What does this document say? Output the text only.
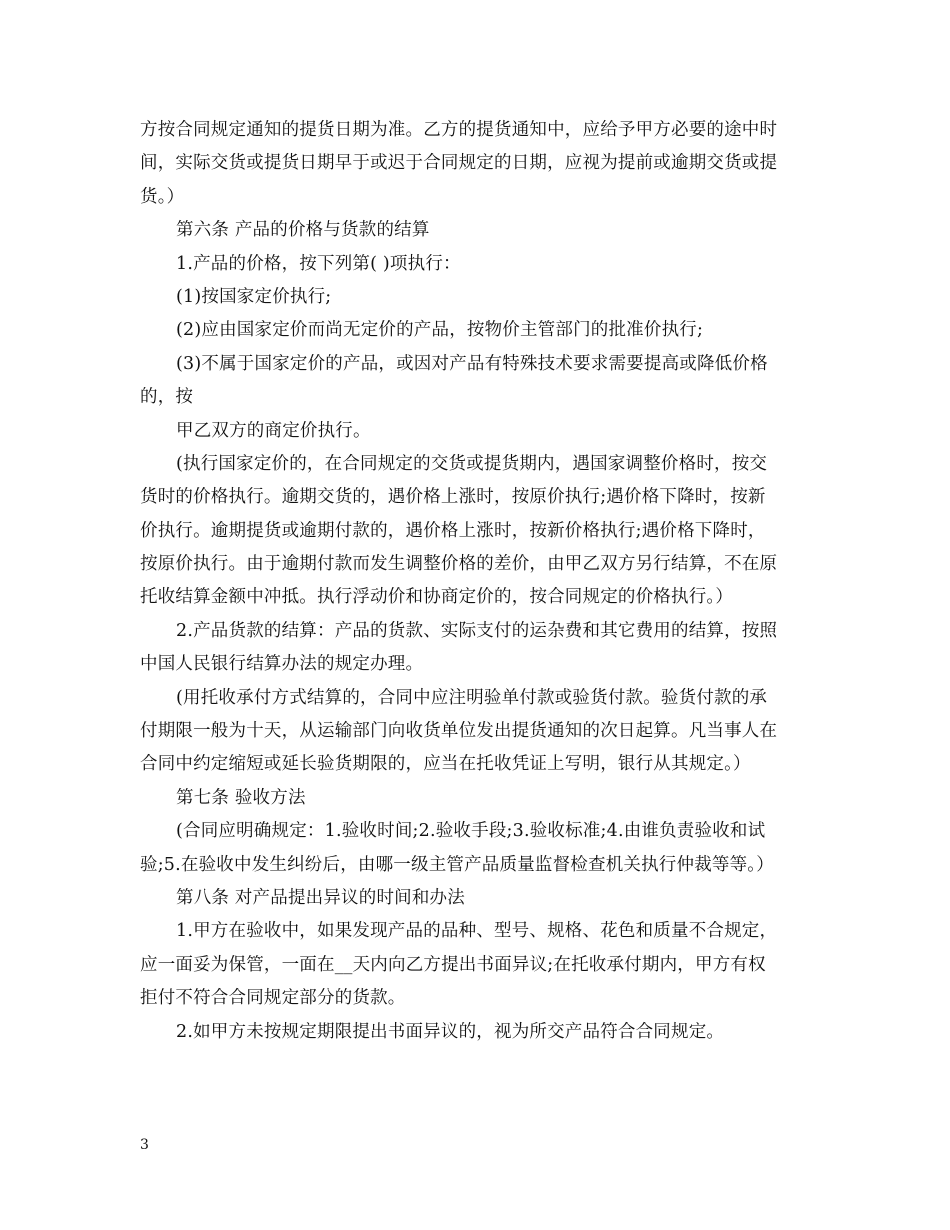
方按合同规定通知的提货日期为准。乙方的提货通知中，应给予甲方必要的途中时
间，实际交货或提货日期早于或迟于合同规定的日期，应视为提前或逾期交货或提
货。）
第六条 产品的价格与货款的结算
1.产品的价格，按下列第( )项执行：
(1)按国家定价执行;
(2)应由国家定价而尚无定价的产品，按物价主管部门的批准价执行;
(3)不属于国家定价的产品，或因对产品有特殊技术要求需要提高或降低价格
的，按
甲乙双方的商定价执行。
(执行国家定价的，在合同规定的交货或提货期内，遇国家调整价格时，按交
货时的价格执行。逾期交货的，遇价格上涨时，按原价执行;遇价格下降时，按新
价执行。逾期提货或逾期付款的，遇价格上涨时，按新价格执行;遇价格下降时，
按原价执行。由于逾期付款而发生调整价格的差价，由甲乙双方另行结算，不在原
托收结算金额中冲抵。执行浮动价和协商定价的，按合同规定的价格执行。）
2.产品货款的结算：产品的货款、实际支付的运杂费和其它费用的结算，按照
中国人民银行结算办法的规定办理。
(用托收承付方式结算的，合同中应注明验单付款或验货付款。验货付款的承
付期限一般为十天，从运输部门向收货单位发出提货通知的次日起算。凡当事人在
合同中约定缩短或延长验货期限的，应当在托收凭证上写明，银行从其规定。）
第七条 验收方法
(合同应明确规定：1.验收时间;2.验收手段;3.验收标准;4.由谁负责验收和试
验;5.在验收中发生纠纷后，由哪一级主管产品质量监督检查机关执行仲裁等等。）
第八条 对产品提出异议的时间和办法
1.甲方在验收中，如果发现产品的品种、型号、规格、花色和质量不合规定，
应一面妥为保管，一面在__天内向乙方提出书面异议;在托收承付期内，甲方有权
拒付不符合合同规定部分的货款。
2.如甲方未按规定期限提出书面异议的，视为所交产品符合合同规定。
3
